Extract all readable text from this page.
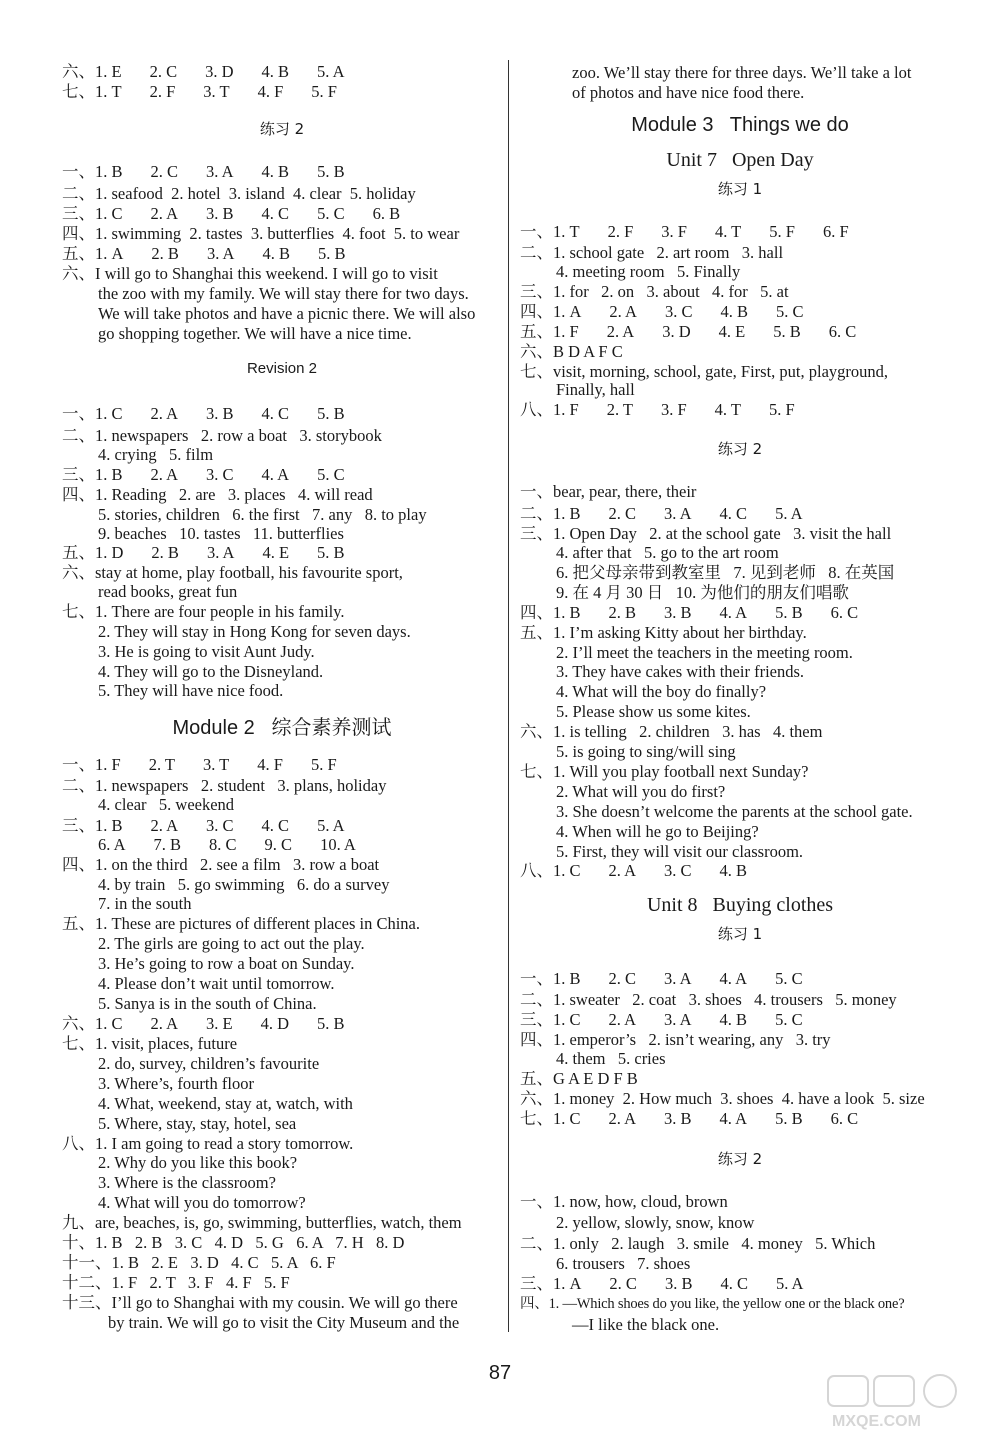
六、1. E 2. C 3. D 4. B 5. A
七、1. T 2. F 3. T 4. F 5. F
练习 2
一、1. B 2. C 3. A 4. B 5. B
二、1. seafood  2. hotel  3. island  4. clear  5. holiday
三、1. C 2. A 3. B 4. C 5. C 6. B
四、1. swimming  2. tastes  3. butterflies  4. foot  5. to wear
五、1. A 2. B 3. A 4. B 5. B
六、I will go to Shanghai this weekend. I will go to visit
the zoo with my family. We will stay there for two days.
We will take photos and have a picnic there. We will also
go shopping together. We will have a nice time.
Revision 2
一、1. C 2. A 3. B 4. C 5. B
二、1. newspapers   2. row a boat   3. storybook
4. crying   5. film
三、1. B 2. A 3. C 4. A 5. C
四、1. Reading   2. are   3. places   4. will read
5. stories, children   6. the first   7. any   8. to play
9. beaches   10. tastes   11. butterflies
五、1. D 2. B 3. A 4. E 5. B
六、stay at home, play football, his favourite sport,
read books, great fun
七、1. There are four people in his family.
2. They will stay in Hong Kong for seven days.
3. He is going to visit Aunt Judy.
4. They will go to the Disneyland.
5. They will have nice food.
Module 2   综合素养测试
一、1. F 2. T 3. T 4. F 5. F
二、1. newspapers   2. student   3. plans, holiday
4. clear   5. weekend
三、1. B 2. A 3. C 4. C 5. A
6. A 7. B 8. C 9. C 10. A
四、1. on the third   2. see a film   3. row a boat
4. by train   5. go swimming   6. do a survey
7. in the south
五、1. These are pictures of different places in China.
2. The girls are going to act out the play.
3. He’s going to row a boat on Sunday.
4. Please don’t wait until tomorrow.
5. Sanya is in the south of China.
六、1. C 2. A 3. E 4. D 5. B
七、1. visit, places, future
2. do, survey, children’s favourite
3. Where’s, fourth floor
4. What, weekend, stay at, watch, with
5. Where, stay, stay, hotel, sea
八、1. I am going to read a story tomorrow.
2. Why do you like this book?
3. Where is the classroom?
4. What will you do tomorrow?
九、are, beaches, is, go, swimming, butterflies, watch, them
十、1. B   2. B   3. C   4. D   5. G   6. A   7. H   8. D
十一、1. B   2. E   3. D   4. C   5. A   6. F
十二、1. F   2. T   3. F   4. F   5. F
十三、I’ll go to Shanghai with my cousin. We will go there
by train. We will go to visit the City Museum and the
zoo. We’ll stay there for three days. We’ll take a lot
of photos and have nice food there.
Module 3   Things we do
Unit 7   Open Day
练习 1
一、1. T 2. F 3. F 4. T 5. F 6. F
二、1. school gate   2. art room   3. hall
4. meeting room   5. Finally
三、1. for   2. on   3. about   4. for   5. at
四、1. A 2. A 3. C 4. B 5. C
五、1. F 2. A 3. D 4. E 5. B 6. C
六、B D A F C
七、visit, morning, school, gate, First, put, playground,
Finally, hall
八、1. F 2. T 3. F 4. T 5. F
练习 2
一、bear, pear, there, their
二、1. B 2. C 3. A 4. C 5. A
三、1. Open Day   2. at the school gate   3. visit the hall
4. after that   5. go to the art room
6. 把父母亲带到教室里   7. 见到老师   8. 在英国
9. 在 4 月 30 日   10. 为他们的朋友们唱歌
四、1. B 2. B 3. B 4. A 5. B 6. C
五、1. I’m asking Kitty about her birthday.
2. I’ll meet the teachers in the meeting room.
3. They have cakes with their friends.
4. What will the boy do finally?
5. Please show us some kites.
六、1. is telling   2. children   3. has   4. them
5. is going to sing/will sing
七、1. Will you play football next Sunday?
2. What will you do first?
3. She doesn’t welcome the parents at the school gate.
4. When will he go to Beijing?
5. First, they will visit our classroom.
八、1. C 2. A 3. C 4. B
Unit 8   Buying clothes
练习 1
一、1. B 2. C 3. A 4. A 5. C
二、1. sweater   2. coat   3. shoes   4. trousers   5. money
三、1. C 2. A 3. A 4. B 5. C
四、1. emperor’s   2. isn’t wearing, any   3. try
4. them   5. cries
五、G A E D F B
六、1. money  2. How much  3. shoes  4. have a look  5. size
七、1. C 2. A 3. B 4. A 5. B 6. C
练习 2
一、1. now, how, cloud, brown
2. yellow, slowly, snow, know
二、1. only   2. laugh   3. smile   4. money   5. Which
6. trousers   7. shoes
三、1. A 2. C 3. B 4. C 5. A
四、1. —Which shoes do you like, the yellow one or the black one?
—I like the black one.
87
MXQE.COM
